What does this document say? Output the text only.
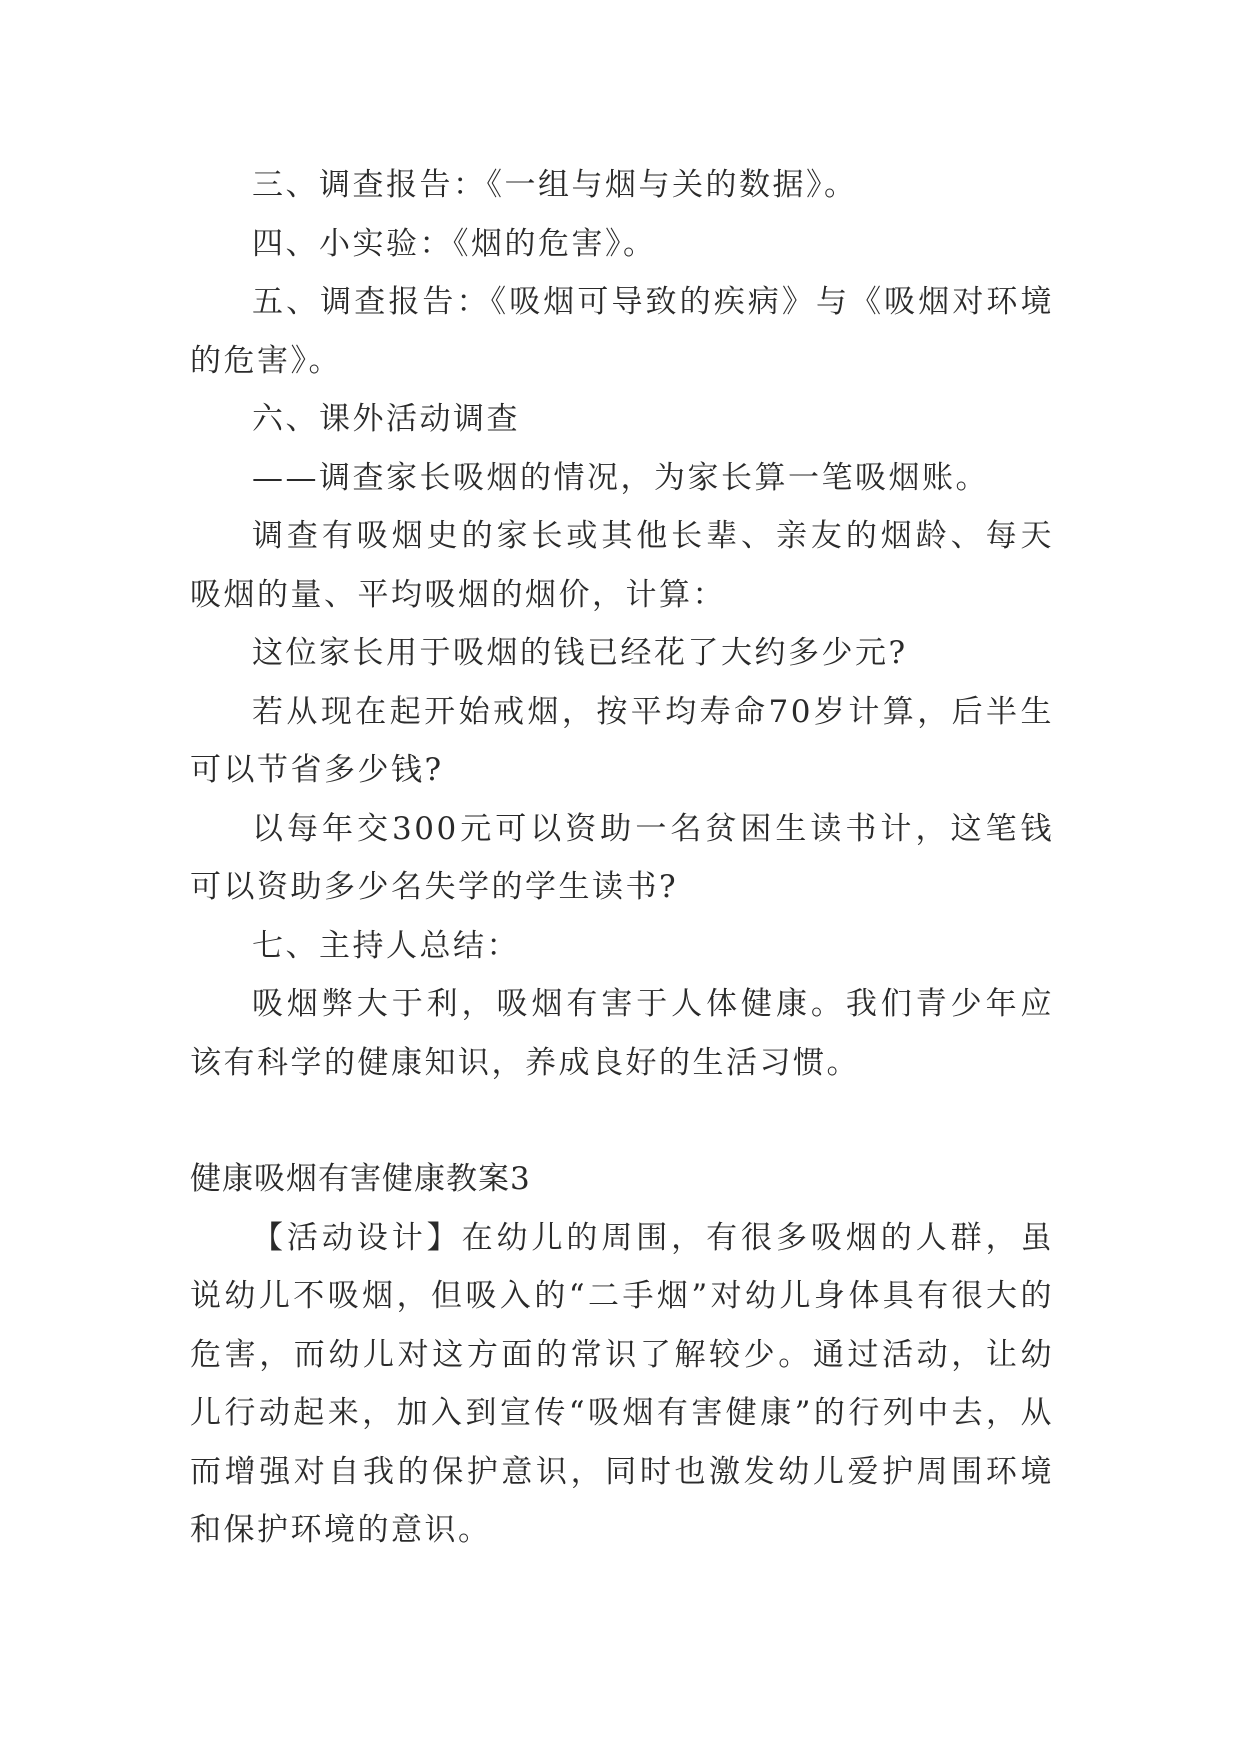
三、调查报告：《一组与烟与关的数据》。

四、小实验：《烟的危害》。

五、调查报告：《吸烟可导致的疾病》与《吸烟对环境的危害》。

六、课外活动调查

——调查家长吸烟的情况，为家长算一笔吸烟账。

调查有吸烟史的家长或其他长辈、亲友的烟龄、每天吸烟的量、平均吸烟的烟价，计算：

这位家长用于吸烟的钱已经花了大约多少元?

若从现在起开始戒烟，按平均寿命70岁计算，后半生可以节省多少钱?

以每年交300元可以资助一名贫困生读书计，这笔钱可以资助多少名失学的学生读书?

七、主持人总结：

吸烟弊大于利，吸烟有害于人体健康。我们青少年应该有科学的健康知识，养成良好的生活习惯。

健康吸烟有害健康教案3

【活动设计】在幼儿的周围，有很多吸烟的人群，虽说幼儿不吸烟，但吸入的“二手烟”对幼儿身体具有很大的危害，而幼儿对这方面的常识了解较少。通过活动，让幼儿行动起来，加入到宣传“吸烟有害健康”的行列中去，从而增强对自我的保护意识，同时也激发幼儿爱护周围环境和保护环境的意识。
